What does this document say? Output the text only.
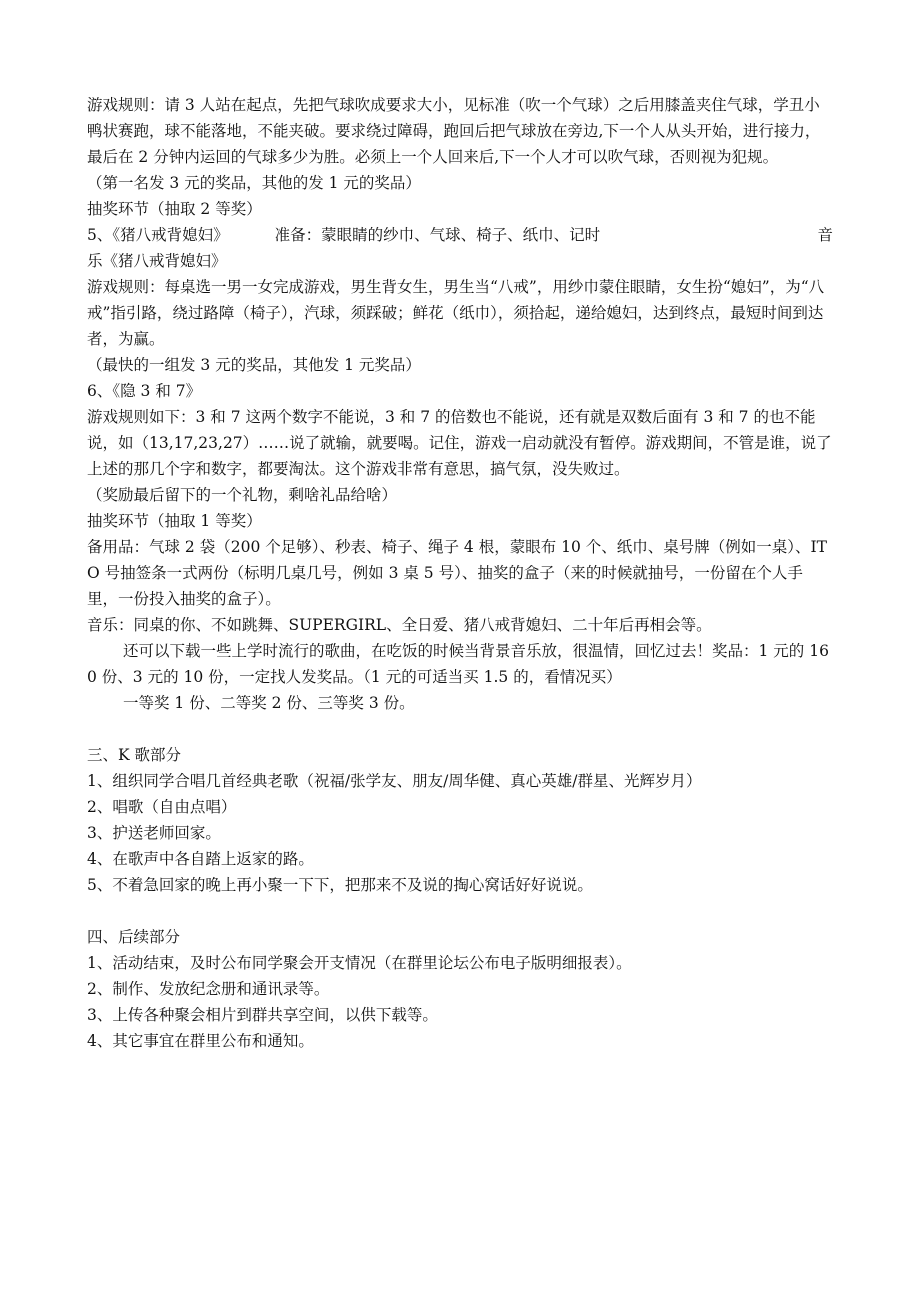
游戏规则：请 3 人站在起点，先把气球吹成要求大小，见标准（吹一个气球）之后用膝盖夹住气球，学丑小鸭状赛跑，球不能落地，不能夹破。要求绕过障碍，跑回后把气球放在旁边,下一个人从头开始，进行接力，最后在 2 分钟内运回的气球多少为胜。必须上一个人回来后,下一个人才可以吹气球，否则视为犯规。

（第一名发 3 元的奖品，其他的发 1 元的奖品）

抽奖环节（抽取 2 等奖）

5、《猪八戒背媳妇》	准备：蒙眼睛的纱巾、气球、椅子、纸巾、记时	音

乐《猪八戒背媳妇》

游戏规则：每桌选一男一女完成游戏，男生背女生，男生当“八戒”，用纱巾蒙住眼睛，女生扮“媳妇”，为“八戒”指引路，绕过路障（椅子），汽球，须踩破；鲜花（纸巾），须拾起，递给媳妇，达到终点，最短时间到达者，为赢。

（最快的一组发 3 元的奖品，其他发 1 元奖品）

6、《隐 3 和 7》

游戏规则如下：3 和 7 这两个数字不能说，3 和 7 的倍数也不能说，还有就是双数后面有 3 和 7 的也不能说，如（13,17,23,27）……说了就输，就要喝。记住，游戏一启动就没有暂停。游戏期间，不管是谁，说了上述的那几个字和数字，都要淘汰。这个游戏非常有意思，搞气氛，没失败过。

（奖励最后留下的一个礼物，剩啥礼品给啥）

抽奖环节（抽取 1 等奖）

备用品：气球 2 袋（200 个足够）、秒表、椅子、绳子 4 根，蒙眼布 10 个、纸巾、桌号牌（例如一桌）、ITO 号抽签条一式两份（标明几桌几号，例如 3 桌 5 号）、抽奖的盒子（来的时候就抽号，一份留在个人手里，一份投入抽奖的盒子）。

音乐：同桌的你、不如跳舞、SUPERGIRL、全日爱、猪八戒背媳妇、二十年后再相会等。

还可以下载一些上学时流行的歌曲，在吃饭的时候当背景音乐放，很温情，回忆过去！奖品：1 元的 160 份、3 元的 10 份，一定找人发奖品。（1 元的可适当买 1.5 的，看情况买）

一等奖 1 份、二等奖 2 份、三等奖 3 份。

三、K 歌部分

1、组织同学合唱几首经典老歌（祝福/张学友、朋友/周华健、真心英雄/群星、光辉岁月）

2、唱歌（自由点唱）

3、护送老师回家。

4、在歌声中各自踏上返家的路。

5、不着急回家的晚上再小聚一下下，把那来不及说的掏心窝话好好说说。

四、后续部分

1、活动结束，及时公布同学聚会开支情况（在群里论坛公布电子版明细报表）。

2、制作、发放纪念册和通讯录等。

3、上传各种聚会相片到群共享空间，以供下载等。

4、其它事宜在群里公布和通知。
